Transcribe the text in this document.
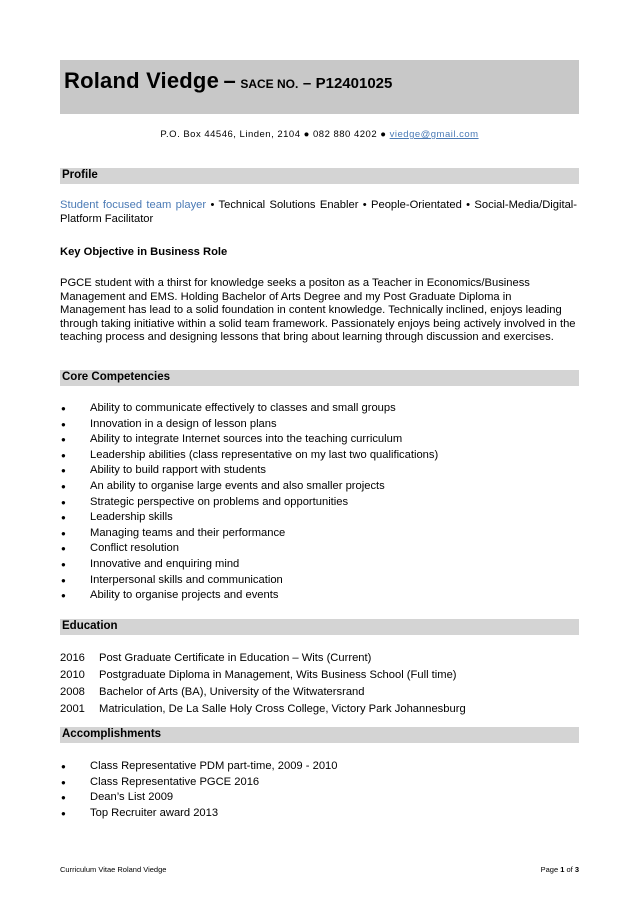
Roland Viedge – SACE NO. – P12401025
P.O. Box 44546, Linden, 2104 ● 082 880 4202 ● viedge@gmail.com
Profile
Student focused team player • Technical Solutions Enabler • People-Orientated • Social-Media/Digital-Platform Facilitator
Key Objective in Business Role
PGCE student with a thirst for knowledge seeks a positon as a Teacher in Economics/Business Management and EMS. Holding Bachelor of Arts Degree and my Post Graduate Diploma in Management has lead to a solid foundation in content knowledge. Technically inclined, enjoys leading through taking initiative within a solid team framework. Passionately enjoys being actively involved in the teaching process and designing lessons that bring about learning through discussion and exercises.
Core Competencies
● Ability to communicate effectively to classes and small groups
● Innovation in a design of lesson plans
● Ability to integrate Internet sources into the teaching curriculum
● Leadership abilities (class representative on my last two qualifications)
● Ability to build rapport with students
● An ability to organise large events and also smaller projects
● Strategic perspective on problems and opportunities
● Leadership skills
● Managing teams and their performance
● Conflict resolution
● Innovative and enquiring mind
● Interpersonal skills and communication
● Ability to organise projects and events
Education
2016 Post Graduate Certificate in Education – Wits (Current)
2010 Postgraduate Diploma in Management, Wits Business School (Full time)
2008 Bachelor of Arts (BA), University of the Witwatersrand
2001 Matriculation, De La Salle Holy Cross College, Victory Park Johannesburg
Accomplishments
● Class Representative PDM part-time, 2009 - 2010
● Class Representative PGCE 2016
● Dean’s List 2009
● Top Recruiter award 2013
Curriculum Vitae Roland Viedge	Page 1 of 3
